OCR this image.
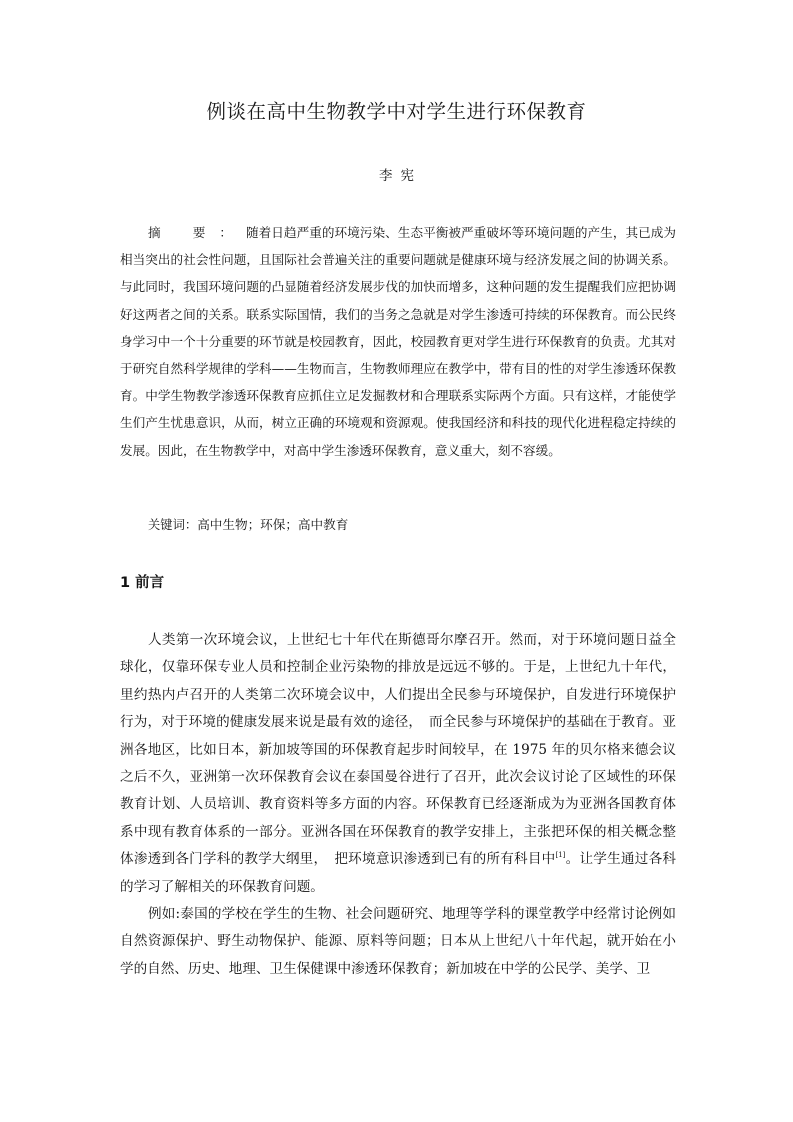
例谈在高中生物教学中对学生进行环保教育
李宪

摘 要：随着日趋严重的环境污染、生态平衡被严重破坏等环境问题的产生，其已成为相当突出的社会性问题，且国际社会普遍关注的重要问题就是健康环境与经济发展之间的协调关系。与此同时，我国环境问题的凸显随着经济发展步伐的加快而增多，这种问题的发生提醒我们应把协调好这两者之间的关系。联系实际国情，我们的当务之急就是对学生渗透可持续的环保教育。而公民终身学习中一个十分重要的环节就是校园教育，因此，校园教育更对学生进行环保教育的负责。尤其对于研究自然科学规律的学科——生物而言，生物教师理应在教学中，带有目的性的对学生渗透环保教育。中学生物教学渗透环保教育应抓住立足发掘教材和合理联系实际两个方面。只有这样，才能使学生们产生忧患意识，从而，树立正确的环境观和资源观。使我国经济和科技的现代化进程稳定持续的发展。因此，在生物教学中，对高中学生渗透环保教育，意义重大，刻不容缓。

关键词：高中生物；环保；高中教育

1 前言

人类第一次环境会议，上世纪七十年代在斯德哥尔摩召开。然而，对于环境问题日益全球化，仅靠环保专业人员和控制企业污染物的排放是远远不够的。于是，上世纪九十年代，里约热内卢召开的人类第二次环境会议中，人们提出全民参与环境保护，自发进行环境保护行为，对于环境的健康发展来说是最有效的途径，　而全民参与环境保护的基础在于教育。亚洲各地区，比如日本，新加坡等国的环保教育起步时间较早，在 1975 年的贝尔格来德会议之后不久，亚洲第一次环保教育会议在泰国曼谷进行了召开，此次会议讨论了区域性的环保教育计划、人员培训、教育资料等多方面的内容。环保教育已经逐渐成为为亚洲各国教育体系中现有教育体系的一部分。亚洲各国在环保教育的教学安排上，主张把环保的相关概念整体渗透到各门学科的教学大纲里，　把环境意识渗透到已有的所有科目中[1]。让学生通过各科的学习了解相关的环保教育问题。

例如:泰国的学校在学生的生物、社会问题研究、地理等学科的课堂教学中经常讨论例如自然资源保护、野生动物保护、能源、原料等问题；日本从上世纪八十年代起，就开始在小学的自然、历史、地理、卫生保健课中渗透环保教育；新加坡在中学的公民学、美学、卫
